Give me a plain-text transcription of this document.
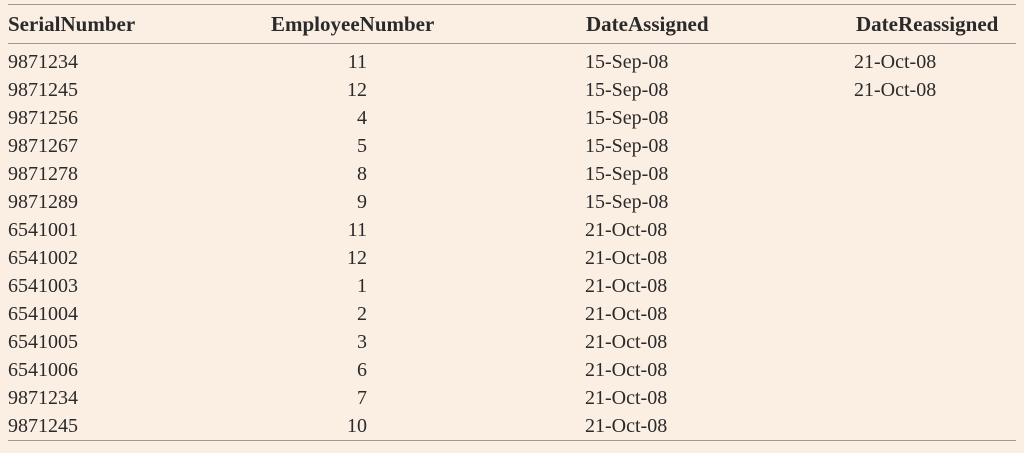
SerialNumber	EmployeeNumber	DateAssigned	DateReassigned
9871234	11	15-Sep-08	21-Oct-08
9871245	12	15-Sep-08	21-Oct-08
9871256	4	15-Sep-08	
9871267	5	15-Sep-08	
9871278	8	15-Sep-08	
9871289	9	15-Sep-08	
6541001	11	21-Oct-08	
6541002	12	21-Oct-08	
6541003	1	21-Oct-08	
6541004	2	21-Oct-08	
6541005	3	21-Oct-08	
6541006	6	21-Oct-08	
9871234	7	21-Oct-08	
9871245	10	21-Oct-08	
